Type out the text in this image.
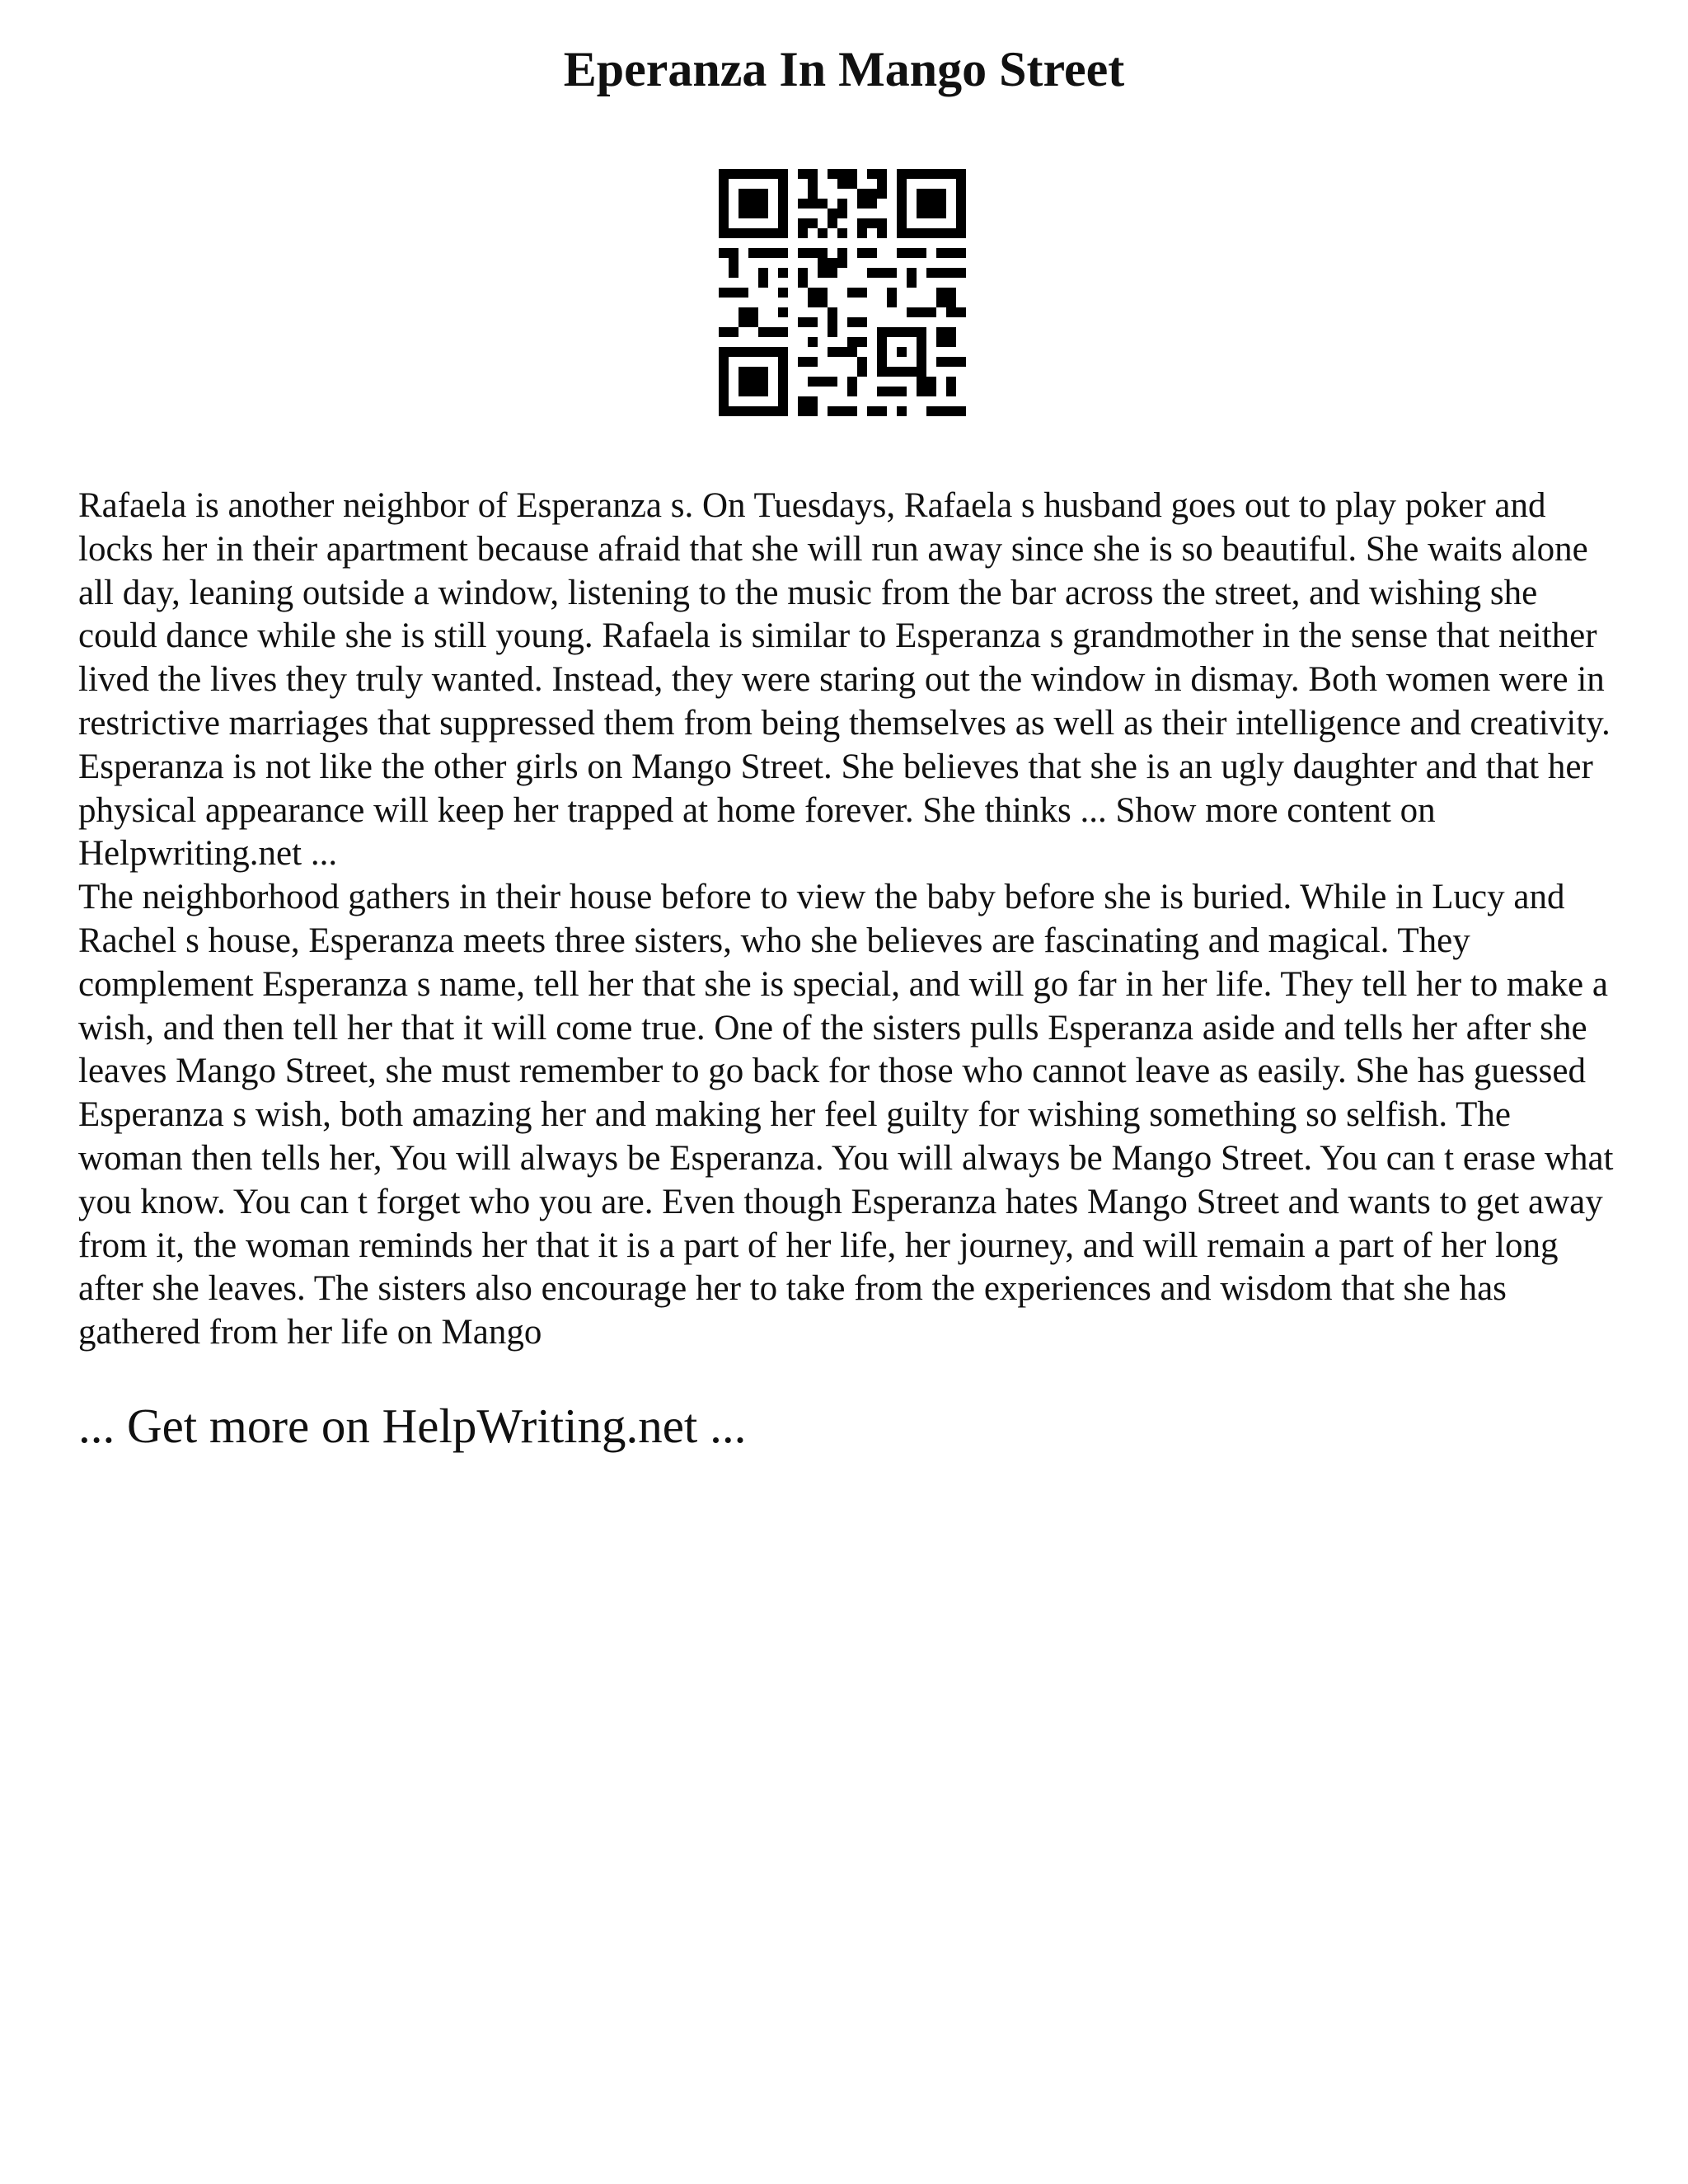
Eperanza In Mango Street

Rafaela is another neighbor of Esperanza s. On Tuesdays, Rafaela s husband goes out to play poker and locks her in their apartment because afraid that she will run away since she is so beautiful. She waits alone all day, leaning outside a window, listening to the music from the bar across the street, and wishing she could dance while she is still young. Rafaela is similar to Esperanza s grandmother in the sense that neither lived the lives they truly wanted. Instead, they were staring out the window in dismay. Both women were in restrictive marriages that suppressed them from being themselves as well as their intelligence and creativity. Esperanza is not like the other girls on Mango Street. She believes that she is an ugly daughter and that her physical appearance will keep her trapped at home forever. She thinks ... Show more content on Helpwriting.net ...

The neighborhood gathers in their house before to view the baby before she is buried. While in Lucy and Rachel s house, Esperanza meets three sisters, who she believes are fascinating and magical. They complement Esperanza s name, tell her that she is special, and will go far in her life. They tell her to make a wish, and then tell her that it will come true. One of the sisters pulls Esperanza aside and tells her after she leaves Mango Street, she must remember to go back for those who cannot leave as easily. She has guessed Esperanza s wish, both amazing her and making her feel guilty for wishing something so selfish. The woman then tells her, You will always be Esperanza. You will always be Mango Street. You can t erase what you know. You can t forget who you are. Even though Esperanza hates Mango Street and wants to get away from it, the woman reminds her that it is a part of her life, her journey, and will remain a part of her long after she leaves. The sisters also encourage her to take from the experiences and wisdom that she has gathered from her life on Mango

... Get more on HelpWriting.net ...
